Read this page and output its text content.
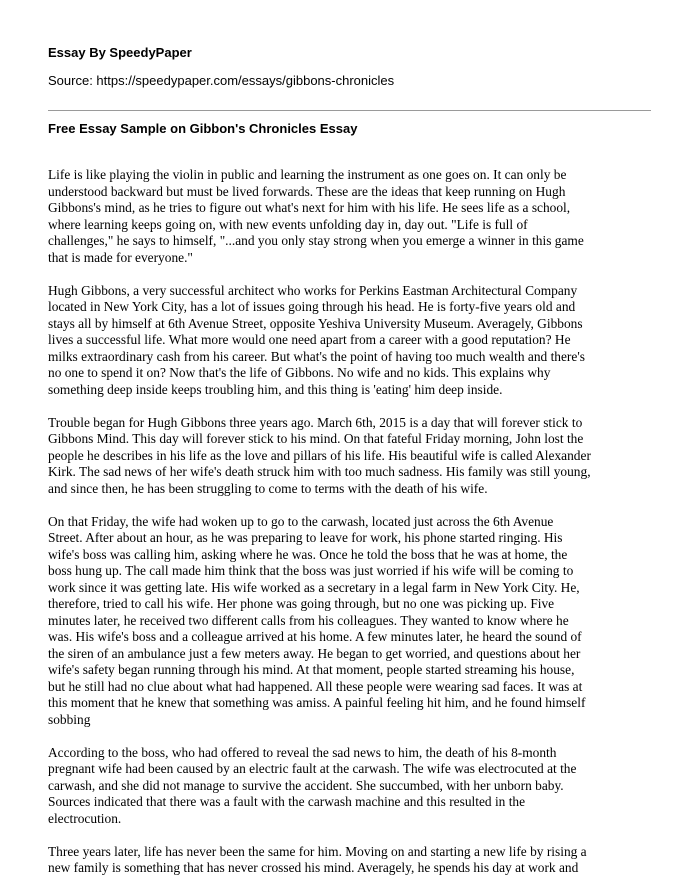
Essay By SpeedyPaper
Source: https://speedypaper.com/essays/gibbons-chronicles
Free Essay Sample on Gibbon's Chronicles Essay
Life is like playing the violin in public and learning the instrument as one goes on. It can only be
understood backward but must be lived forwards. These are the ideas that keep running on Hugh
Gibbons's mind, as he tries to figure out what's next for him with his life. He sees life as a school,
where learning keeps going on, with new events unfolding day in, day out. "Life is full of
challenges," he says to himself, "...and you only stay strong when you emerge a winner in this game
that is made for everyone."
Hugh Gibbons, a very successful architect who works for Perkins Eastman Architectural Company
located in New York City, has a lot of issues going through his head. He is forty-five years old and
stays all by himself at 6th Avenue Street, opposite Yeshiva University Museum. Averagely, Gibbons
lives a successful life. What more would one need apart from a career with a good reputation? He
milks extraordinary cash from his career. But what's the point of having too much wealth and there's
no one to spend it on? Now that's the life of Gibbons. No wife and no kids. This explains why
something deep inside keeps troubling him, and this thing is 'eating' him deep inside.
Trouble began for Hugh Gibbons three years ago. March 6th, 2015 is a day that will forever stick to
Gibbons Mind. This day will forever stick to his mind. On that fateful Friday morning, John lost the
people he describes in his life as the love and pillars of his life. His beautiful wife is called Alexander
Kirk. The sad news of her wife's death struck him with too much sadness. His family was still young,
and since then, he has been struggling to come to terms with the death of his wife.
On that Friday, the wife had woken up to go to the carwash, located just across the 6th Avenue
Street. After about an hour, as he was preparing to leave for work, his phone started ringing. His
wife's boss was calling him, asking where he was. Once he told the boss that he was at home, the
boss hung up. The call made him think that the boss was just worried if his wife will be coming to
work since it was getting late. His wife worked as a secretary in a legal farm in New York City. He,
therefore, tried to call his wife. Her phone was going through, but no one was picking up. Five
minutes later, he received two different calls from his colleagues. They wanted to know where he
was. His wife's boss and a colleague arrived at his home. A few minutes later, he heard the sound of
the siren of an ambulance just a few meters away. He began to get worried, and questions about her
wife's safety began running through his mind. At that moment, people started streaming his house,
but he still had no clue about what had happened. All these people were wearing sad faces. It was at
this moment that he knew that something was amiss. A painful feeling hit him, and he found himself
sobbing
According to the boss, who had offered to reveal the sad news to him, the death of his 8-month
pregnant wife had been caused by an electric fault at the carwash. The wife was electrocuted at the
carwash, and she did not manage to survive the accident. She succumbed, with her unborn baby.
Sources indicated that there was a fault with the carwash machine and this resulted in the
electrocution.
Three years later, life has never been the same for him. Moving on and starting a new life by rising a
new family is something that has never crossed his mind. Averagely, he spends his day at work and
